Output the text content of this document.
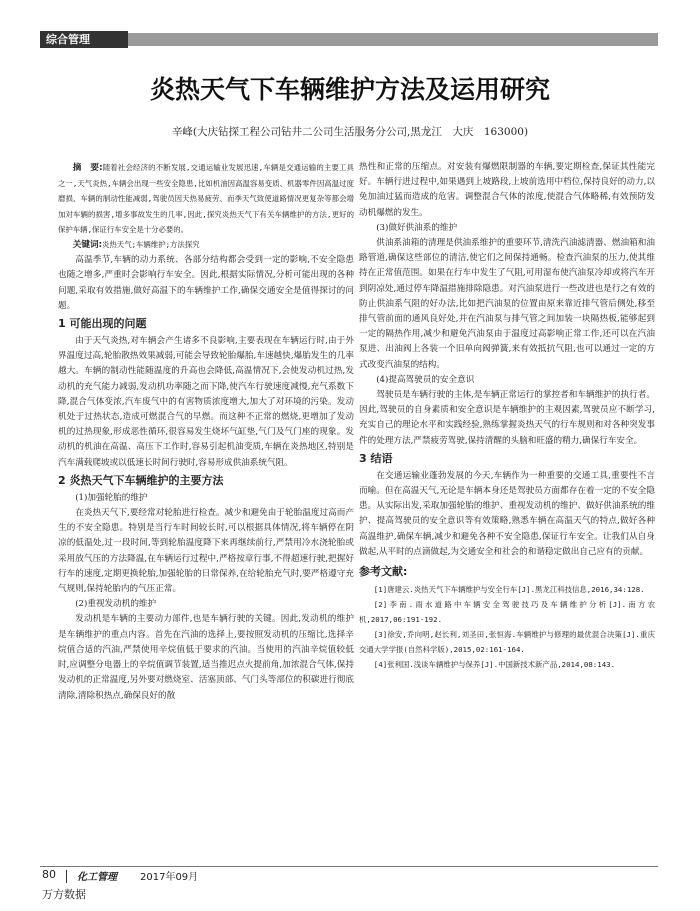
综合管理
炎热天气下车辆维护方法及运用研究
辛峰(大庆钻探工程公司钻井二公司生活服务分公司,黑龙江　大庆　163000)

摘　要:随着社会经济的不断发展,交通运输业发展迅速,车辆是交通运输的主要工具之一,天气炎热,车辆会出现一些安全隐患,比如机油因高温容易变质、机器零件因高温过度磨损、车辆的制动性能减弱,驾驶员因天热易疲劳、而季天气致使道路情况更复杂等都会增加对车辆的损害,增多事故发生的几率,因此,探究炎热天气下有关车辆维护的方法,更好的保护车辆,保证行车安全是十分必要的。

关键词:炎热天气;车辆维护;方法探究

高温季节,车辆的动力系统、各部分结构都会受到一定的影响,不安全隐患也随之增多,严重时会影响行车安全。因此,根据实际情况,分析可能出现的各种问题,采取有效措施,做好高温下的车辆维护工作,确保交通安全是值得探讨的问题。

1 可能出现的问题

由于天气炎热,对车辆会产生诸多不良影响,主要表现在车辆运行时,由于外界温度过高,轮胎散热效果减弱,可能会导致轮胎爆胎,车速越快,爆胎发生的几率越大。车辆的制动性能随温度的升高也会降低,高温情况下,会使发动机过热,发动机的充气能力减弱,发动机功率随之而下降,使汽车行驶速度减慢,充气系数下降,混合气体变浓,汽车废气中的有害物质浓度增大,加大了对环境的污染。发动机处于过热状态,造成可燃混合气的早燃。而这种不正常的燃烧,更增加了发动机的过热现象,形成恶性循环,很容易发生烧坏气缸垫,气门及气门座的现象。发动机的机油在高温、高压下工作时,容易引起机油变质,车辆在炎热地区,特别是汽车满载爬坡或以低速长时间行驶时,容易形成供油系统气阻。

2 炎热天气下车辆维护的主要方法

(1)加强轮胎的维护

在炎热天气下,要经常对轮胎进行检查。减少和避免由于轮胎温度过高而产生的不安全隐患。特别是当行车时间较长时,可以根据具体情况,将车辆停在阴凉的低温处,过一段时间,等到轮胎温度降下来再继续前行,严禁用冷水浇轮胎或采用放气压的方法降温,在车辆运行过程中,严格按章行事,不得超速行驶,把握好行车的速度,定期更换轮胎,加强轮胎的日常保养,在给轮胎充气时,要严格遵守充气规则,保持轮胎内的气压正常。

(2)重视发动机的维护

发动机是车辆的主要动力部件,也是车辆行驶的关键。因此,发动机的维护是车辆维护的重点内容。首先在汽油的选择上,要按照发动机的压缩比,选择辛烷值合适的汽油,严禁使用辛烷值低于要求的汽油。当使用的汽油辛烷值较低时,应调整分电器上的辛烷值调节装置,适当推迟点火提前角,加浓混合气体,保持发动机的正常温度,另外要对燃烧室、活塞顶部、气门头等部位的积碳进行彻底清除,清除积热点,确保良好的散

热性和正常的压缩点。对安装有爆燃限制器的车辆,要定期检查,保证其性能完好。车辆行进过程中,如果遇到上坡路段,上坡前选用中档位,保持良好的动力,以免加油过猛而造成的危害。调整混合气体的浓度,使混合气体略稀,有效预防发动机爆燃的发生。

(3)做好供油系的维护

供油系油箱的清理是供油系维护的重要环节,清洗汽油滤清器、燃油箱和油路管道,确保这些部位的清洁,使它们之间保持通畅。检查汽油泵的压力,使其维持在正常值范围。如果在行车中发生了气阻,可用湿布使汽油泵冷却或将汽车开到阴凉处,通过停车降温措施排除隐患。对汽油泵进行一些改进也是行之有效的防止供油系气阻的好办法,比如把汽油泵的位置由原来靠近排气管后侧处,移至排气管前面的通风良好处,并在汽油泵与排气管之间加装一块隔热板,能够起到一定的隔热作用,减少和避免汽油泵由于温度过高影响正常工作,还可以在汽油泵进、出油阀上各装一个旧单向阀弹簧,来有效抵抗气阻,也可以通过一定的方式改变汽油泵的结构。

(4)提高驾驶员的安全意识

驾驶员是车辆行驶的主体,是车辆正常运行的掌控者和车辆维护的执行者。因此,驾驶员的自身素质和安全意识是车辆维护的主观因素,驾驶员应不断学习,充实自己的理论水平和实践经验,熟练掌握炎热天气的行车规则和对各种突发事件的处理方法,严禁疲劳驾驶,保持清醒的头脑和旺盛的精力,确保行车安全。

3 结语

在交通运输业蓬勃发展的今天,车辆作为一种重要的交通工具,重要性不言而喻。但在高温天气,无论是车辆本身还是驾驶员方面都存在着一定的不安全隐患。从实际出发,采取加强轮胎的维护、重视发动机的维护、做好供油系统的维护、提高驾驶员的安全意识等有效策略,熟悉车辆在高温天气的特点,做好各种高温维护,确保车辆,减少和避免各种不安全隐患,保证行车安全。让我们从自身做起,从平时的点滴做起,为交通安全和社会的和谐稳定做出自己应有的贡献。

参考文献:

[1]唐建云.炎热天气下车辆维护与安全行车[J].黑龙江科技信息,2016,34:128.

[2]李南.雨水道路中车辆安全驾驶技巧及车辆维护分析[J].南方农机,2017,06:191-192.

[3]徐安,乔向明,赵长利,刘圣田,张恒海.车辆维护与修理的最优混合决策[J].重庆交通大学学报(自然科学版),2015,02:161-164.

[4]张利国.浅谈车辆维护与保养[J].中国新技术新产品,2014,08:143.

80 化工管理 2017年09月
万方数据
